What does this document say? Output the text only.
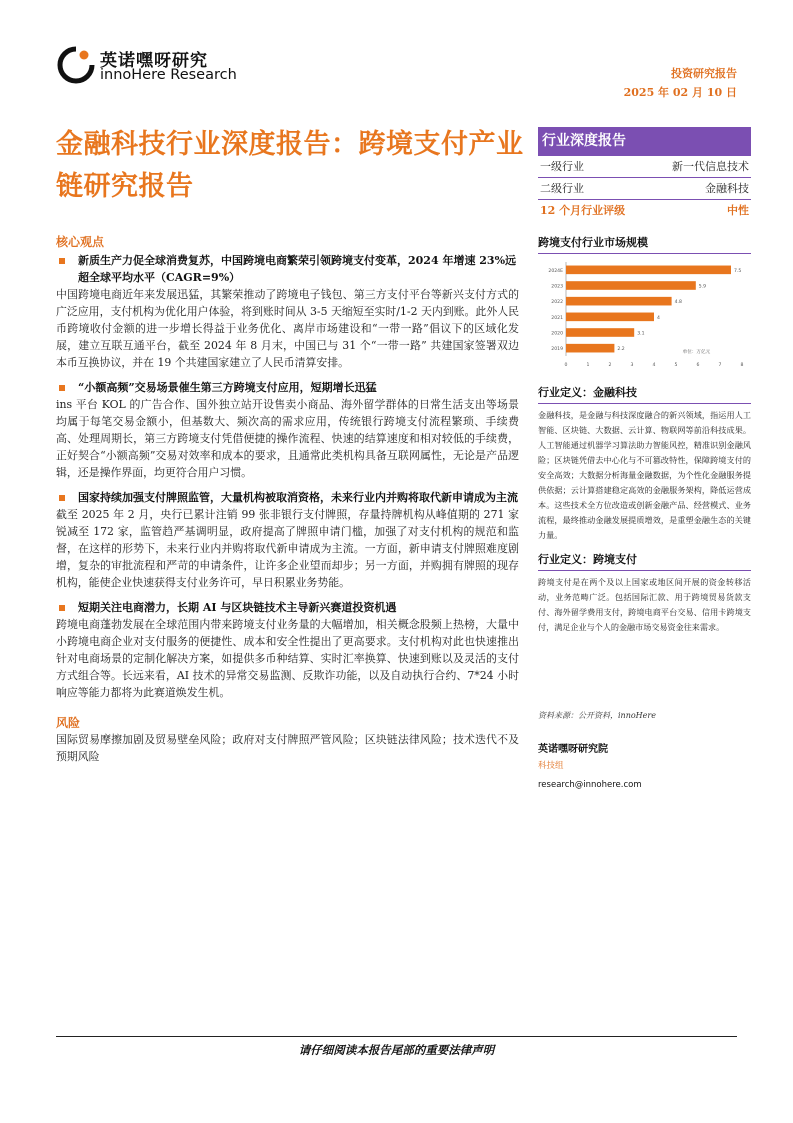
英诺嘿呀研究
innoHere Research	投资研究报告
2025 年 02 月 10 日
金融科技行业深度报告：跨境支付产业链研究报告
核心观点
新质生产力促全球消费复苏，中国跨境电商繁荣引领跨境支付变革，2024 年增速 23%远超全球平均水平（CAGR=9%）
中国跨境电商近年来发展迅猛，其繁荣推动了跨境电子钱包、第三方支付平台等新兴支付方式的广泛应用，支付机构为优化用户体验，将到账时间从 3-5 天缩短至实时/1-2 天内到账。此外人民币跨境收付金额的进一步增长得益于业务优化、离岸市场建设和“一带一路”倡议下的区域化发展，建立互联互通平台，截至 2024 年 8 月末，中国已与 31 个“一带一路” 共建国家签署双边本币互换协议，并在 19 个共建国家建立了人民币清算安排。
“小额高频”交易场景催生第三方跨境支付应用，短期增长迅猛
ins 平台 KOL 的广告合作、国外独立站开设售卖小商品、海外留学群体的日常生活支出等场景均属于每笔交易金额小，但基数大、频次高的需求应用，传统银行跨境支付流程繁琐、手续费高、处理周期长，第三方跨境支付凭借便捷的操作流程、快速的结算速度和相对较低的手续费，正好契合“小额高频”交易对效率和成本的要求，且通常此类机构具备互联网属性，无论是产品逻辑，还是操作界面，均更符合用户习惯。
国家持续加强支付牌照监管，大量机构被取消资格，未来行业内并购将取代新申请成为主流
截至 2025 年 2 月，央行已累计注销 99 张非银行支付牌照，存量持牌机构从峰值期的 271 家锐减至 172 家，监管趋严基调明显，政府提高了牌照申请门槛，加强了对支付机构的规范和监督，在这样的形势下，未来行业内并购将取代新申请成为主流。一方面，新申请支付牌照难度剧增，复杂的审批流程和严苛的申请条件，让许多企业望而却步；另一方面，并购拥有牌照的现存机构，能使企业快速获得支付业务许可，早日积累业务势能。
短期关注电商潜力，长期 AI 与区块链技术主导新兴赛道投资机遇
跨境电商蓬勃发展在全球范围内带来跨境支付业务量的大幅增加，相关概念股频上热榜，大量中小跨境电商企业对支付服务的便捷性、成本和安全性提出了更高要求。支付机构对此也快速推出针对电商场景的定制化解决方案，如提供多币种结算、实时汇率换算、快速到账以及灵活的支付方式组合等。长远来看，AI 技术的异常交易监测、反欺诈功能，以及自动执行合约、7*24 小时响应等能力都将为此赛道焕发生机。
风险
国际贸易摩擦加剧及贸易壁垒风险；政府对支付牌照严管风险；区块链法律风险；技术迭代不及预期风险
行业深度报告
一级行业	新一代信息技术
二级行业	金融科技
12 个月行业评级	中性
跨境支付行业市场规模
2024E	7.5
2023	5.9
2022	4.8
2021	4
2020	3.1
2019	2.2
0	1	2	3	4	5	6	7	8
单位：万亿元
行业定义：金融科技
金融科技，是金融与科技深度融合的新兴领域，指运用人工智能、区块链、大数据、云计算、物联网等前沿科技成果。人工智能通过机器学习算法助力智能风控，精准识别金融风险；区块链凭借去中心化与不可篡改特性，保障跨境支付的安全高效；大数据分析海量金融数据，为个性化金融服务提供依据；云计算搭建稳定高效的金融服务架构，降低运营成本。这些技术全方位改造或创新金融产品、经营模式、业务流程，最终推动金融发展提质增效，是重塑金融生态的关键力量。
行业定义：跨境支付
跨境支付是在两个及以上国家或地区间开展的资金转移活动，业务范畴广泛。包括国际汇款、用于跨境贸易货款支付、海外留学费用支付，跨境电商平台交易、信用卡跨境支付，满足企业与个人的金融市场交易资金往来需求。
资料来源：公开资料，innoHere
英诺嘿呀研究院
科技组
research@innohere.com
请仔细阅读本报告尾部的重要法律声明
